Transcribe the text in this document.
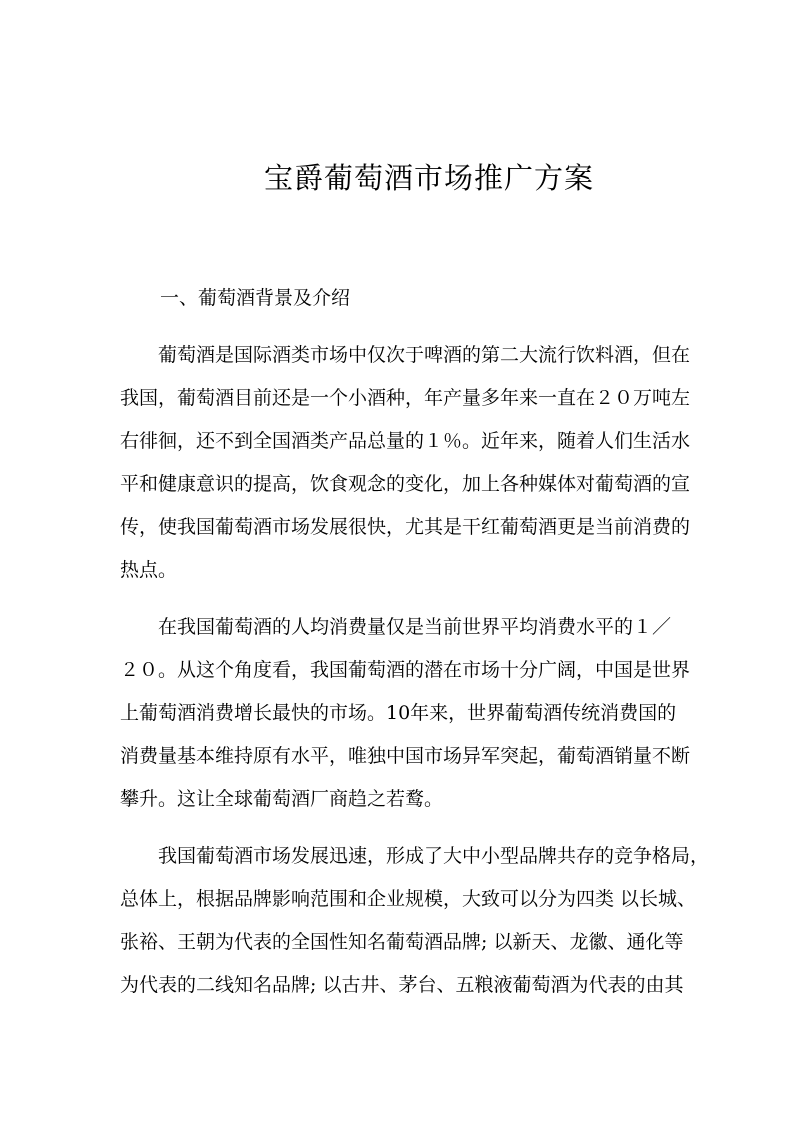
宝爵葡萄酒市场推广方案
一、葡萄酒背景及介绍
　　葡萄酒是国际酒类市场中仅次于啤酒的第二大流行饮料酒，但在
我国，葡萄酒目前还是一个小酒种，年产量多年来一直在２０万吨左
右徘徊，还不到全国酒类产品总量的１％。近年来，随着人们生活水
平和健康意识的提高，饮食观念的变化，加上各种媒体对葡萄酒的宣
传，使我国葡萄酒市场发展很快，尤其是干红葡萄酒更是当前消费的
热点。
　　在我国葡萄酒的人均消费量仅是当前世界平均消费水平的１／
２０。从这个角度看，我国葡萄酒的潜在市场十分广阔，中国是世界
上葡萄酒消费增长最快的市场。10年来，世界葡萄酒传统消费国的
消费量基本维持原有水平，唯独中国市场异军突起，葡萄酒销量不断
攀升。这让全球葡萄酒厂商趋之若鹜。
　　我国葡萄酒市场发展迅速，形成了大中小型品牌共存的竞争格局，
总体上，根据品牌影响范围和企业规模，大致可以分为四类 以长城、
张裕、王朝为代表的全国性知名葡萄酒品牌; 以新天、龙徽、通化等
为代表的二线知名品牌; 以古井、茅台、五粮液葡萄酒为代表的由其
